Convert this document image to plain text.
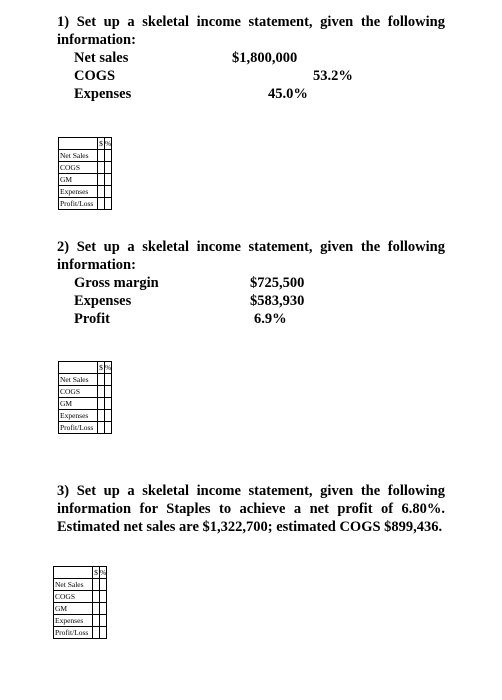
1) Set up a skeletal income statement, given the following information:
Net sales	$1,800,000
COGS	53.2%
Expenses	45.0%
	$	%
Net Sales		
COGS		
GM		
Expenses		
Profit/Loss		
2) Set up a skeletal income statement, given the following information:
Gross margin	$725,500
Expenses	$583,930
Profit	6.9%
	$	%
Net Sales		
COGS		
GM		
Expenses		
Profit/Loss		
3) Set up a skeletal income statement, given the following information for Staples to achieve a net profit of 6.80%. Estimated net sales are $1,322,700; estimated COGS $899,436.
	$	%
Net Sales		
COGS		
GM		
Expenses		
Profit/Loss		
